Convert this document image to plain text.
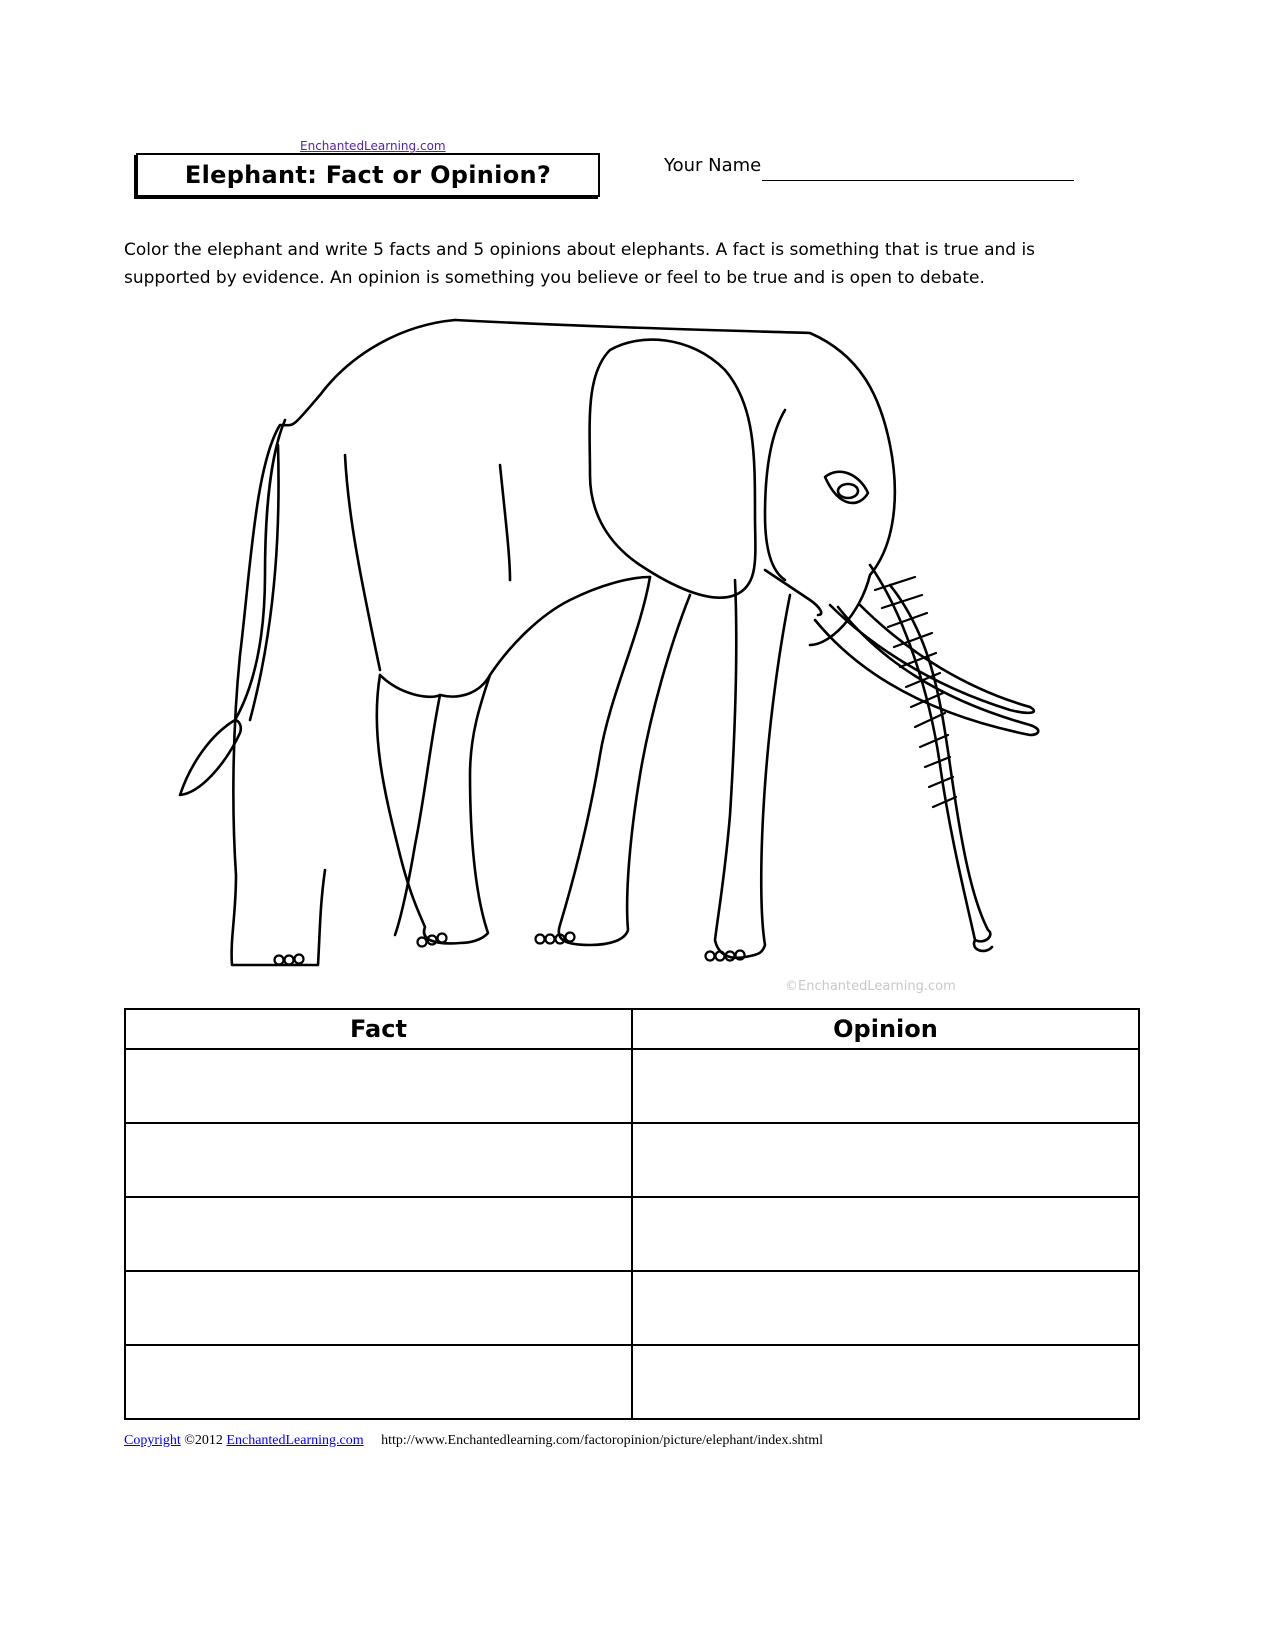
EnchantedLearning.com
Elephant: Fact or Opinion?	Your Name
Color the elephant and write 5 facts and 5 opinions about elephants. A fact is something that is true and is supported by evidence. An opinion is something you believe or feel to be true and is open to debate.
©EnchantedLearning.com
Fact	Opinion

Copyright ©2012 EnchantedLearning.com http://www.Enchantedlearning.com/factoropinion/picture/elephant/index.shtml
